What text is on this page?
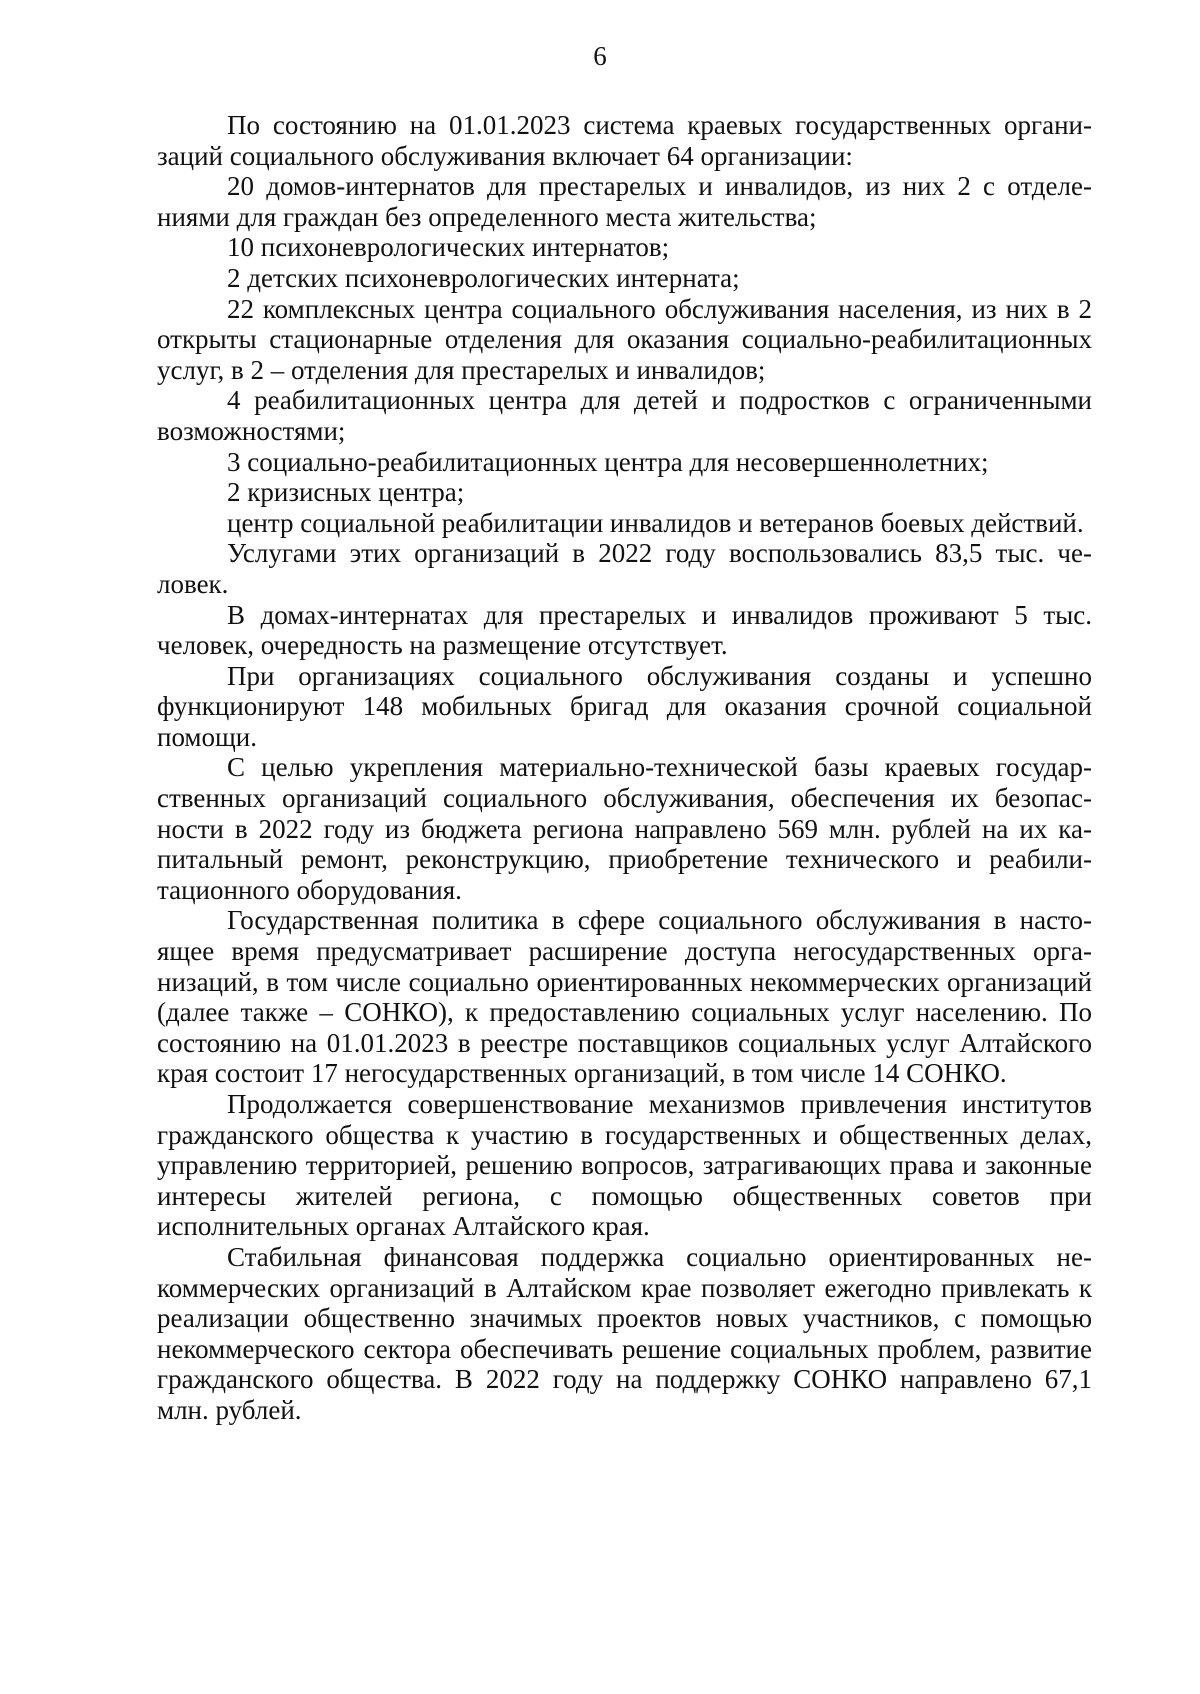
6

По состоянию на 01.01.2023 система краевых государственных организаций социального обслуживания включает 64 организации:

20 домов-интернатов для престарелых и инвалидов, из них 2 с отделениями для граждан без определенного места жительства;

10 психоневрологических интернатов;

2 детских психоневрологических интерната;

22 комплексных центра социального обслуживания населения, из них в 2 открыты стационарные отделения для оказания социально-реабилитационных услуг, в 2 – отделения для престарелых и инвалидов;

4 реабилитационных центра для детей и подростков с ограниченными возможностями;

3 социально-реабилитационных центра для несовершеннолетних;

2 кризисных центра;

центр социальной реабилитации инвалидов и ветеранов боевых действий.

Услугами этих организаций в 2022 году воспользовались 83,5 тыс. человек.

В домах-интернатах для престарелых и инвалидов проживают 5 тыс. человек, очередность на размещение отсутствует.

При организациях социального обслуживания созданы и успешно функционируют 148 мобильных бригад для оказания срочной социальной помощи.

С целью укрепления материально-технической базы краевых государственных организаций социального обслуживания, обеспечения их безопасности в 2022 году из бюджета региона направлено 569 млн. рублей на их капитальный ремонт, реконструкцию, приобретение технического и реабилитационного оборудования.

Государственная политика в сфере социального обслуживания в настоящее время предусматривает расширение доступа негосударственных организаций, в том числе социально ориентированных некоммерческих организаций (далее также – СОНКО), к предоставлению социальных услуг населению. По состоянию на 01.01.2023 в реестре поставщиков социальных услуг Алтайского края состоит 17 негосударственных организаций, в том числе 14 СОНКО.

Продолжается совершенствование механизмов привлечения институтов гражданского общества к участию в государственных и общественных делах, управлению территорией, решению вопросов, затрагивающих права и законные интересы жителей региона, с помощью общественных советов при исполнительных органах Алтайского края.

Стабильная финансовая поддержка социально ориентированных некоммерческих организаций в Алтайском крае позволяет ежегодно привлекать к реализации общественно значимых проектов новых участников, с помощью некоммерческого сектора обеспечивать решение социальных проблем, развитие гражданского общества. В 2022 году на поддержку СОНКО направлено 67,1 млн. рублей.
